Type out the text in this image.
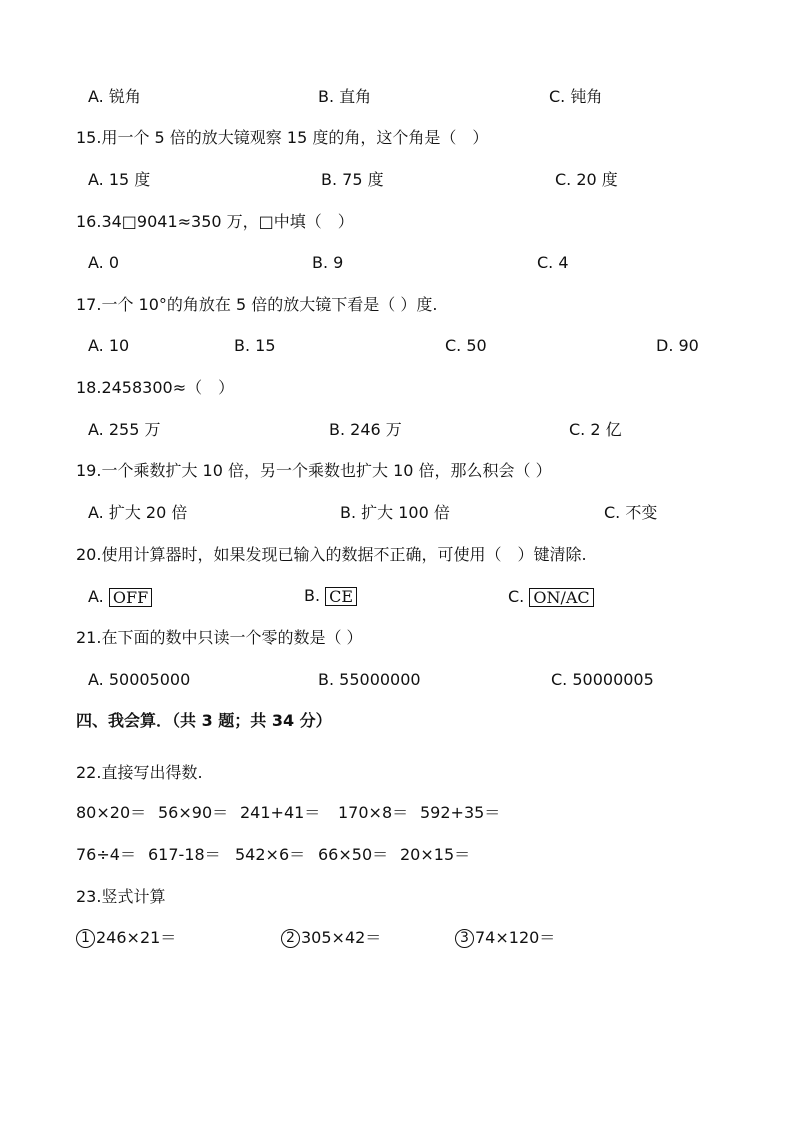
A. 锐角	B. 直角	C. 钝角
15.用一个 5 倍的放大镜观察 15 度的角，这个角是（　）
A. 15 度	B. 75 度	C. 20 度
16.34□9041≈350 万，□中填（　）
A. 0	B. 9	C. 4
17.一个 10°的角放在 5 倍的放大镜下看是（ ）度.
A. 10	B. 15	C. 50	D. 90
18.2458300≈（　）
A. 255 万	B. 246 万	C. 2 亿
19.一个乘数扩大 10 倍，另一个乘数也扩大 10 倍，那么积会（ ）
A. 扩大 20 倍	B. 扩大 100 倍	C. 不变
20.使用计算器时，如果发现已输入的数据不正确，可使用（　）键清除.
A. OFF	B. CE	C. ON/AC
21.在下面的数中只读一个零的数是（ ）
A. 50005000	B. 55000000	C. 50000005
四、我会算．（共 3 题；共 34 分）
22.直接写出得数.
80×20＝ 56×90＝ 241+41＝ 170×8＝ 592+35＝
76÷4＝ 617-18＝ 542×6＝ 66×50＝ 20×15＝
23.竖式计算
1 246×21＝	2 305×42＝	3 74×120＝
